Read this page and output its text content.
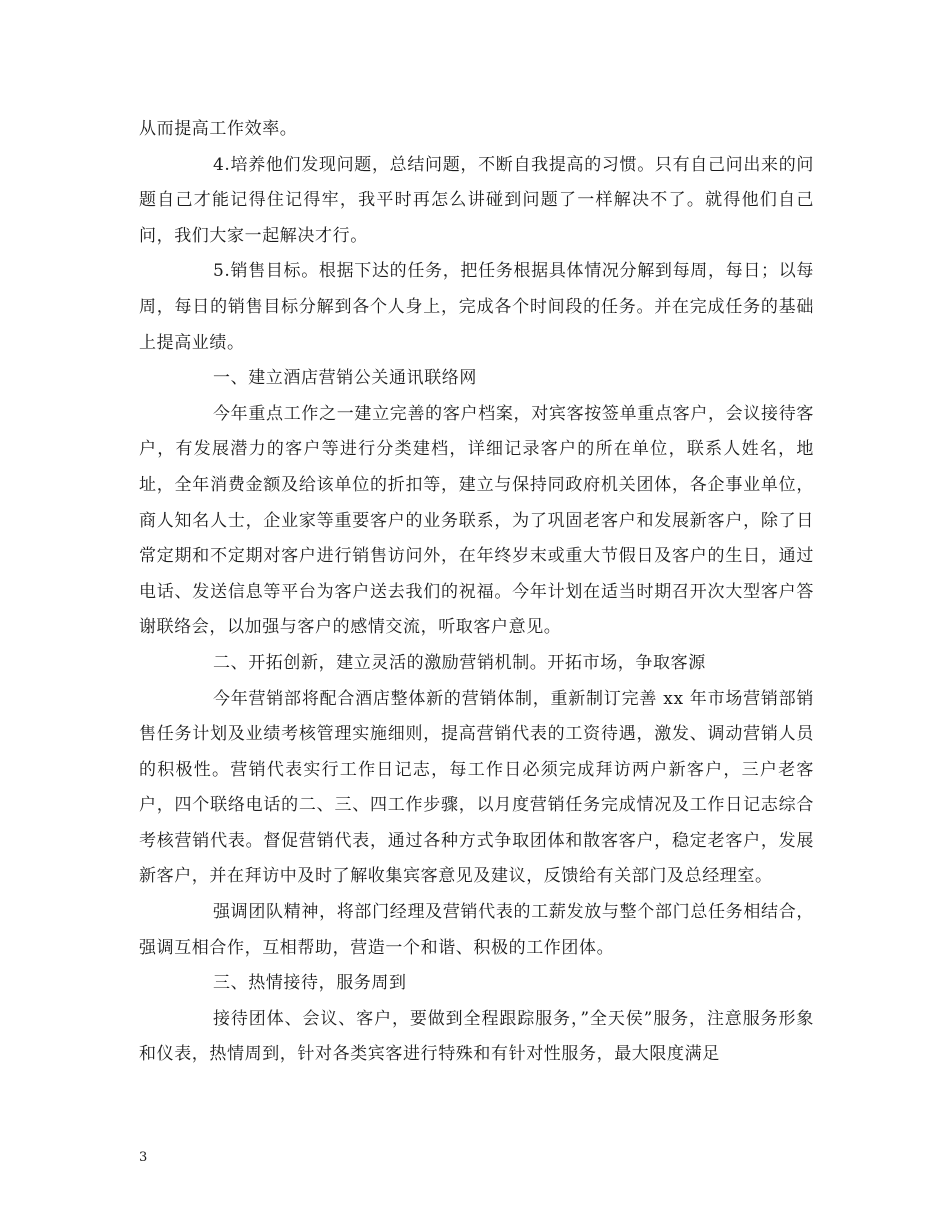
从而提高工作效率。

4.培养他们发现问题，总结问题，不断自我提高的习惯。只有自己问出来的问题自己才能记得住记得牢，我平时再怎么讲碰到问题了一样解决不了。就得他们自己问，我们大家一起解决才行。

5.销售目标。根据下达的任务，把任务根据具体情况分解到每周，每日；以每周，每日的销售目标分解到各个人身上，完成各个时间段的任务。并在完成任务的基础上提高业绩。

一、建立酒店营销公关通讯联络网

今年重点工作之一建立完善的客户档案，对宾客按签单重点客户，会议接待客户，有发展潜力的客户等进行分类建档，详细记录客户的所在单位，联系人姓名，地址，全年消费金额及给该单位的折扣等，建立与保持同政府机关团体，各企事业单位，商人知名人士，企业家等重要客户的业务联系，为了巩固老客户和发展新客户，除了日常定期和不定期对客户进行销售访问外，在年终岁末或重大节假日及客户的生日，通过电话、发送信息等平台为客户送去我们的祝福。今年计划在适当时期召开次大型客户答谢联络会，以加强与客户的感情交流，听取客户意见。

二、开拓创新，建立灵活的激励营销机制。开拓市场，争取客源

今年营销部将配合酒店整体新的营销体制，重新制订完善 xx 年市场营销部销售任务计划及业绩考核管理实施细则，提高营销代表的工资待遇，激发、调动营销人员的积极性。营销代表实行工作日记志，每工作日必须完成拜访两户新客户，三户老客户，四个联络电话的二、三、四工作步骤，以月度营销任务完成情况及工作日记志综合考核营销代表。督促营销代表，通过各种方式争取团体和散客客户，稳定老客户，发展新客户，并在拜访中及时了解收集宾客意见及建议，反馈给有关部门及总经理室。

强调团队精神，将部门经理及营销代表的工薪发放与整个部门总任务相结合，强调互相合作，互相帮助，营造一个和谐、积极的工作团体。

三、热情接待，服务周到

接待团体、会议、客户，要做到全程跟踪服务，”全天侯”服务，注意服务形象和仪表，热情周到，针对各类宾客进行特殊和有针对性服务，最大限度满足

3
